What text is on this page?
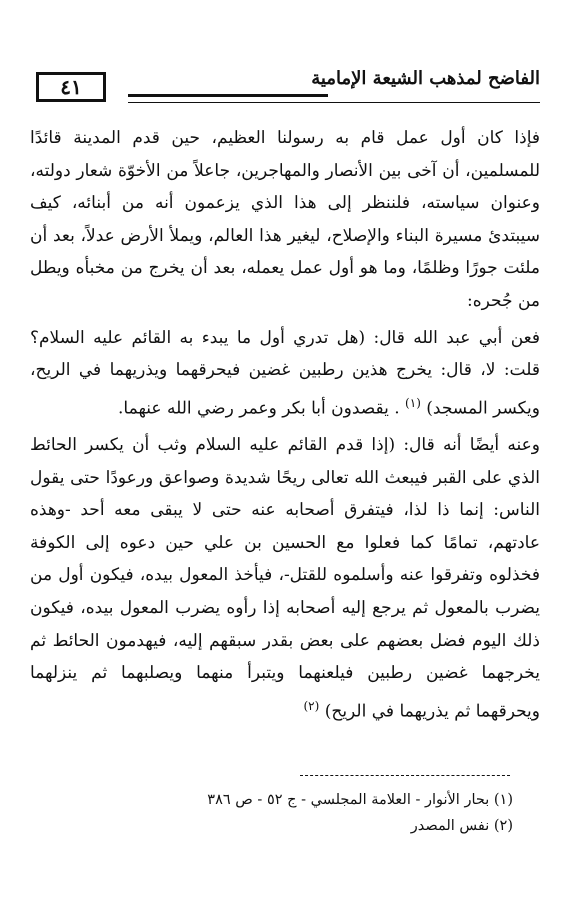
٤١	الفاضح لمذهب الشيعة الإمامية

فإذا كان أول عمل قام به رسولنا العظيم، حين قدم المدينة قائدًا للمسلمين، أن آخى بين الأنصار والمهاجرين، جاعلاً من الأخوّة شعار دولته، وعنوان سياسته، فلننظر إلى هذا الذي يزعمون أنه من أبنائه، كيف سيبتدئ مسيرة البناء والإصلاح، ليغير هذا العالم، ويملأ الأرض عدلاً، بعد أن ملئت جورًا وظلمًا، وما هو أول عمل يعمله، بعد أن يخرج من مخبأه ويطل من جُحره:

فعن أبي عبد الله قال: (هل تدري أول ما يبدء به القائم عليه السلام؟ قلت: لا، قال: يخرج هذين رطبين غضين فيحرقهما ويذريهما في الريح، ويكسر المسجد) $^{(١)}$ . يقصدون أبا بكر وعمر رضي الله عنهما.

وعنه أيضًا أنه قال: (إذا قدم القائم عليه السلام وثب أن يكسر الحائط الذي على القبر فيبعث الله تعالى ريحًا شديدة وصواعق ورعودًا حتى يقول الناس: إنما ذا لذا، فيتفرق أصحابه عنه حتى لا يبقى معه أحد -وهذه عادتهم، تمامًا كما فعلوا مع الحسين بن علي حين دعوه إلى الكوفة فخذلوه وتفرقوا عنه وأسلموه للقتل-، فيأخذ المعول بيده، فيكون أول من يضرب بالمعول ثم يرجع إليه أصحابه إذا رأوه يضرب المعول بيده، فيكون ذلك اليوم فضل بعضهم على بعض بقدر سبقهم إليه، فيهدمون الحائط ثم يخرجهما غضين رطبين فيلعنهما ويتبرأ منهما ويصلبهما ثم ينزلهما ويحرقهما ثم يذريهما في الريح) $^{(٢)}$

(١) بحار الأنوار - العلامة المجلسي - ج ٥٢ - ص ٣٨٦
(٢) نفس المصدر
